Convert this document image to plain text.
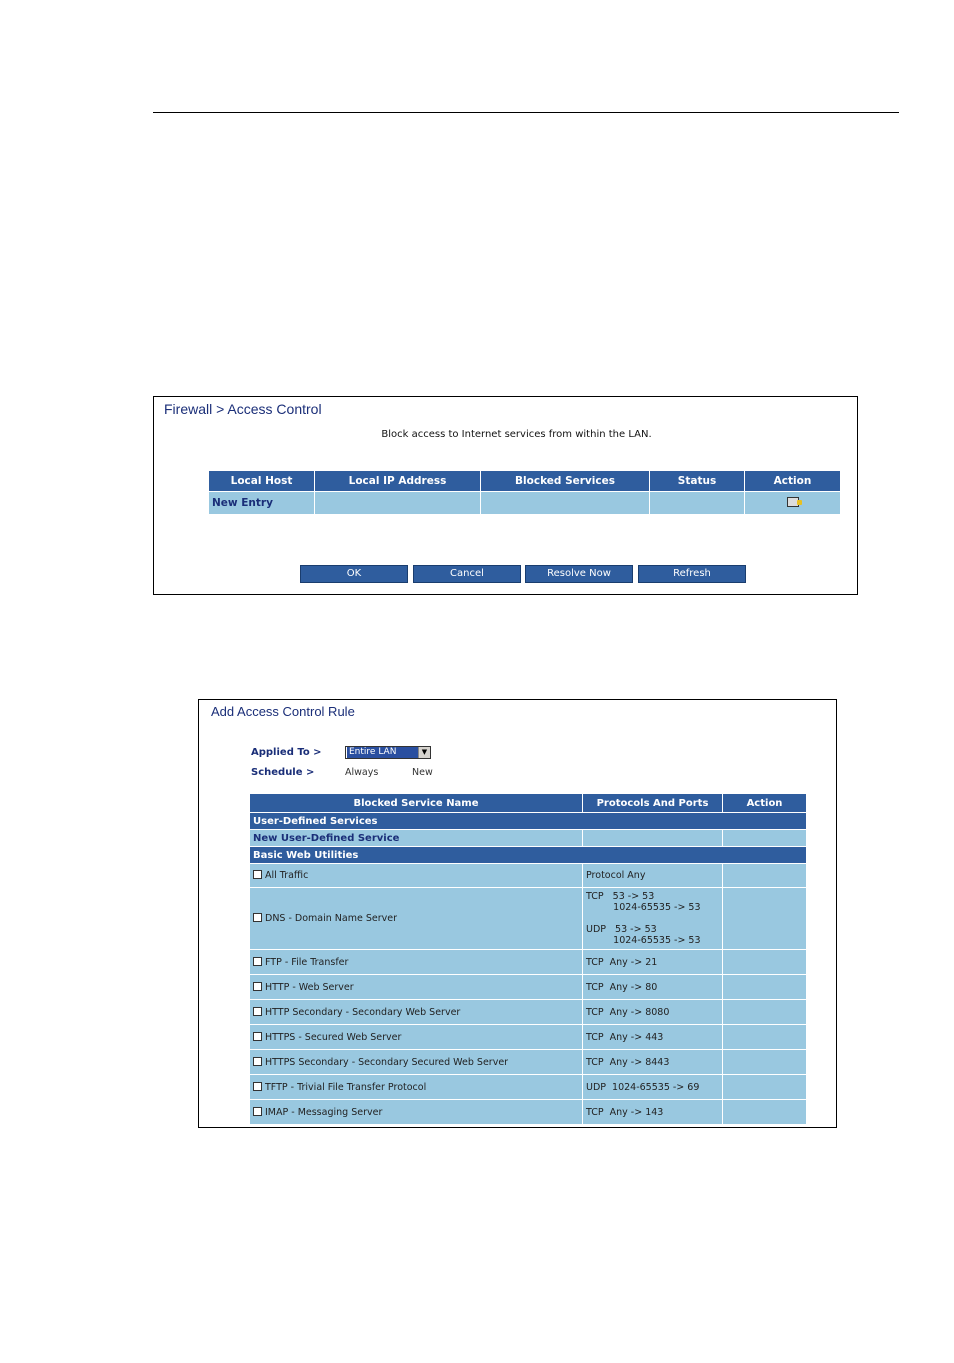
Firewall > Access Control
Block access to Internet services from within the LAN.
Local Host	Local IP Address	Blocked Services	Status	Action
New Entry				
OK	Cancel	Resolve Now	Refresh
Add Access Control Rule
Applied To >	Entire LAN	▼
Schedule >	Always	New
Blocked Service Name	Protocols And Ports	Action
User-Defined Services		
New User-Defined Service		
Basic Web Utilities		
All Traffic	Protocol Any	
DNS - Domain Name Server	TCP   53 -> 53
1024-65535 -> 53

UDP   53 -> 53
1024-65535 -> 53	
FTP - File Transfer	TCP  Any -> 21	
HTTP - Web Server	TCP  Any -> 80	
HTTP Secondary - Secondary Web Server	TCP  Any -> 8080	
HTTPS - Secured Web Server	TCP  Any -> 443	
HTTPS Secondary - Secondary Secured Web Server	TCP  Any -> 8443	
TFTP - Trivial File Transfer Protocol	UDP  1024-65535 -> 69	
IMAP - Messaging Server	TCP  Any -> 143	
